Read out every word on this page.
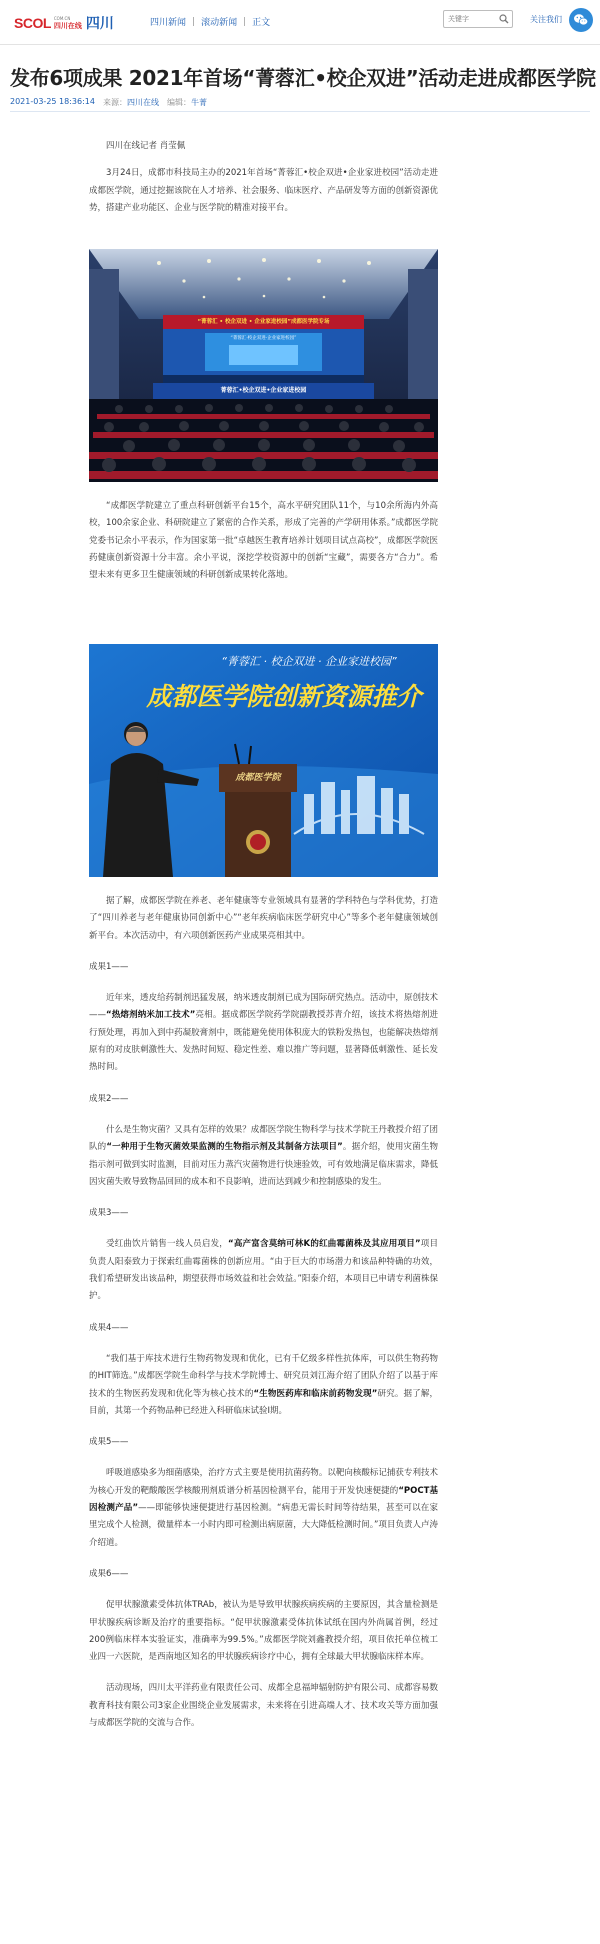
SCOL COM.CN
四川在线 四川	四川新闻 | 滚动新闻 | 正文
关键字	关注我们
发布6项成果 2021年首场“菁蓉汇•校企双进”活动走进成都医学院
2021-03-25 18:36:14 来源：四川在线 编辑：牛菁

四川在线记者 肖莹佩

3月24日，成都市科技局主办的2021年首场“菁蓉汇•校企双进•企业家进校园”活动走进成都医学院，通过挖掘该院在人才培养、社会服务、临床医疗、产品研发等方面的创新资源优势，搭建产业功能区、企业与医学院的精准对接平台。

“菁蓉汇 • 校企双进 • 企业家进校园”成都医学院专场
“菁蓉汇·校企双进·企业家进校园”
菁蓉汇•校企双进•企业家进校园

“成都医学院建立了重点科研创新平台15个，高水平研究团队11个，与10余所海内外高校，100余家企业、科研院建立了紧密的合作关系，形成了完善的产学研用体系。”成都医学院党委书记余小平表示，作为国家第一批“卓越医生教育培养计划项目试点高校”，成都医学院医药健康创新资源十分丰富。余小平说，深挖学校资源中的创新“宝藏”，需要各方“合力”。希望未来有更多卫生健康领域的科研创新成果转化落地。

“菁蓉汇 · 校企双进 · 企业家进校园”
成都医学院创新资源推介
成都医学院

据了解，成都医学院在养老、老年健康等专业领域具有显著的学科特色与学科优势，打造了“四川养老与老年健康协同创新中心”“老年疾病临床医学研究中心”等多个老年健康领域创新平台。本次活动中，有六项创新医药产业成果亮相其中。

成果1——

近年来，透皮给药制剂迅猛发展，纳米透皮制剂已成为国际研究热点。活动中，原创技术——“热熔剂纳米加工技术”亮相。据成都医学院药学院副教授苏青介绍，该技术将热熔剂进行预处理，再加入到中药凝胶膏剂中，既能避免使用体积庞大的铁粉发热包，也能解决热熔剂原有的对皮肤刺激性大、发热时间短、稳定性差、难以推广等问题，显著降低刺激性、延长发热时间。

成果2——

什么是生物灾菌？又具有怎样的效果？成都医学院生物科学与技术学院王丹教授介绍了团队的“一种用于生物灭菌效果监测的生物指示剂及其制备方法项目”。据介绍，使用灾菌生物指示剂可做到实时监测，目前对压力蒸汽灾菌物进行快速验效，可有效地满足临床需求，降低因灾菌失败导致物品回回的成本和不良影响，进而达到减少和控制感染的发生。

成果3——

受红曲饮片销售一线人员启发，“高产富含莫纳可林K的红曲霉菌株及其应用项目”项目负责人阳泰致力于探索红曲霉菌株的创新应用。“由于巨大的市场潜力和该品种特确的功效，我们希望研发出该品种，期望获得市场效益和社会效益。”阳泰介绍，本项目已申请专利菌株保护。

成果4——

“我们基于库技术进行生物药物发现和优化，已有千亿级多样性抗体库，可以供生物药物的HIT筛选。”成都医学院生命科学与技术学院博士、研究员刘江海介绍了团队介绍了以基于库技术的生物医药发现和优化等为核心技术的“生物医药库和临床前药物发现”研究。据了解，目前，其第一个药物品种已经进入科研临床试验I期。

成果5——

呼吸道感染多为细菌感染，治疗方式主要是使用抗菌药物。以靶向核酸标记捕获专利技术为核心开发的靶酸酸医学核酸刑剂质谱分析基因检测平台，能用于开发快速便捷的“POCT基因检测产品”——即能够快速便捷进行基因检测。“病患无需长时间等待结果，甚至可以在家里完成个人检测，微量样本一小时内即可检测出病原菌，大大降低检测时间。”项目负责人卢涛介绍道。

成果6——

促甲状腺激素受体抗体TRAb，被认为是导致甲状腺疾病疾病的主要原因，其含量检测是甲状腺疾病诊断及治疗的重要指标。“促甲状腺激素受体抗体试纸在国内外尚属首例，经过200例临床样本实验证实，准确率为99.5%。”成都医学院刘鑫教授介绍，项目依托单位梳工业四一六医院，是西南地区知名的甲状腺疾病诊疗中心，拥有全球最大甲状腺临床样本库。

活动现场，四川太平洋药业有限责任公司、成都全息福坤辐射防护有限公司、成都容易数教育科技有限公司3家企业围绕企业发展需求，未来将在引进高端人才、技术攻关等方面加强与成都医学院的交流与合作。
